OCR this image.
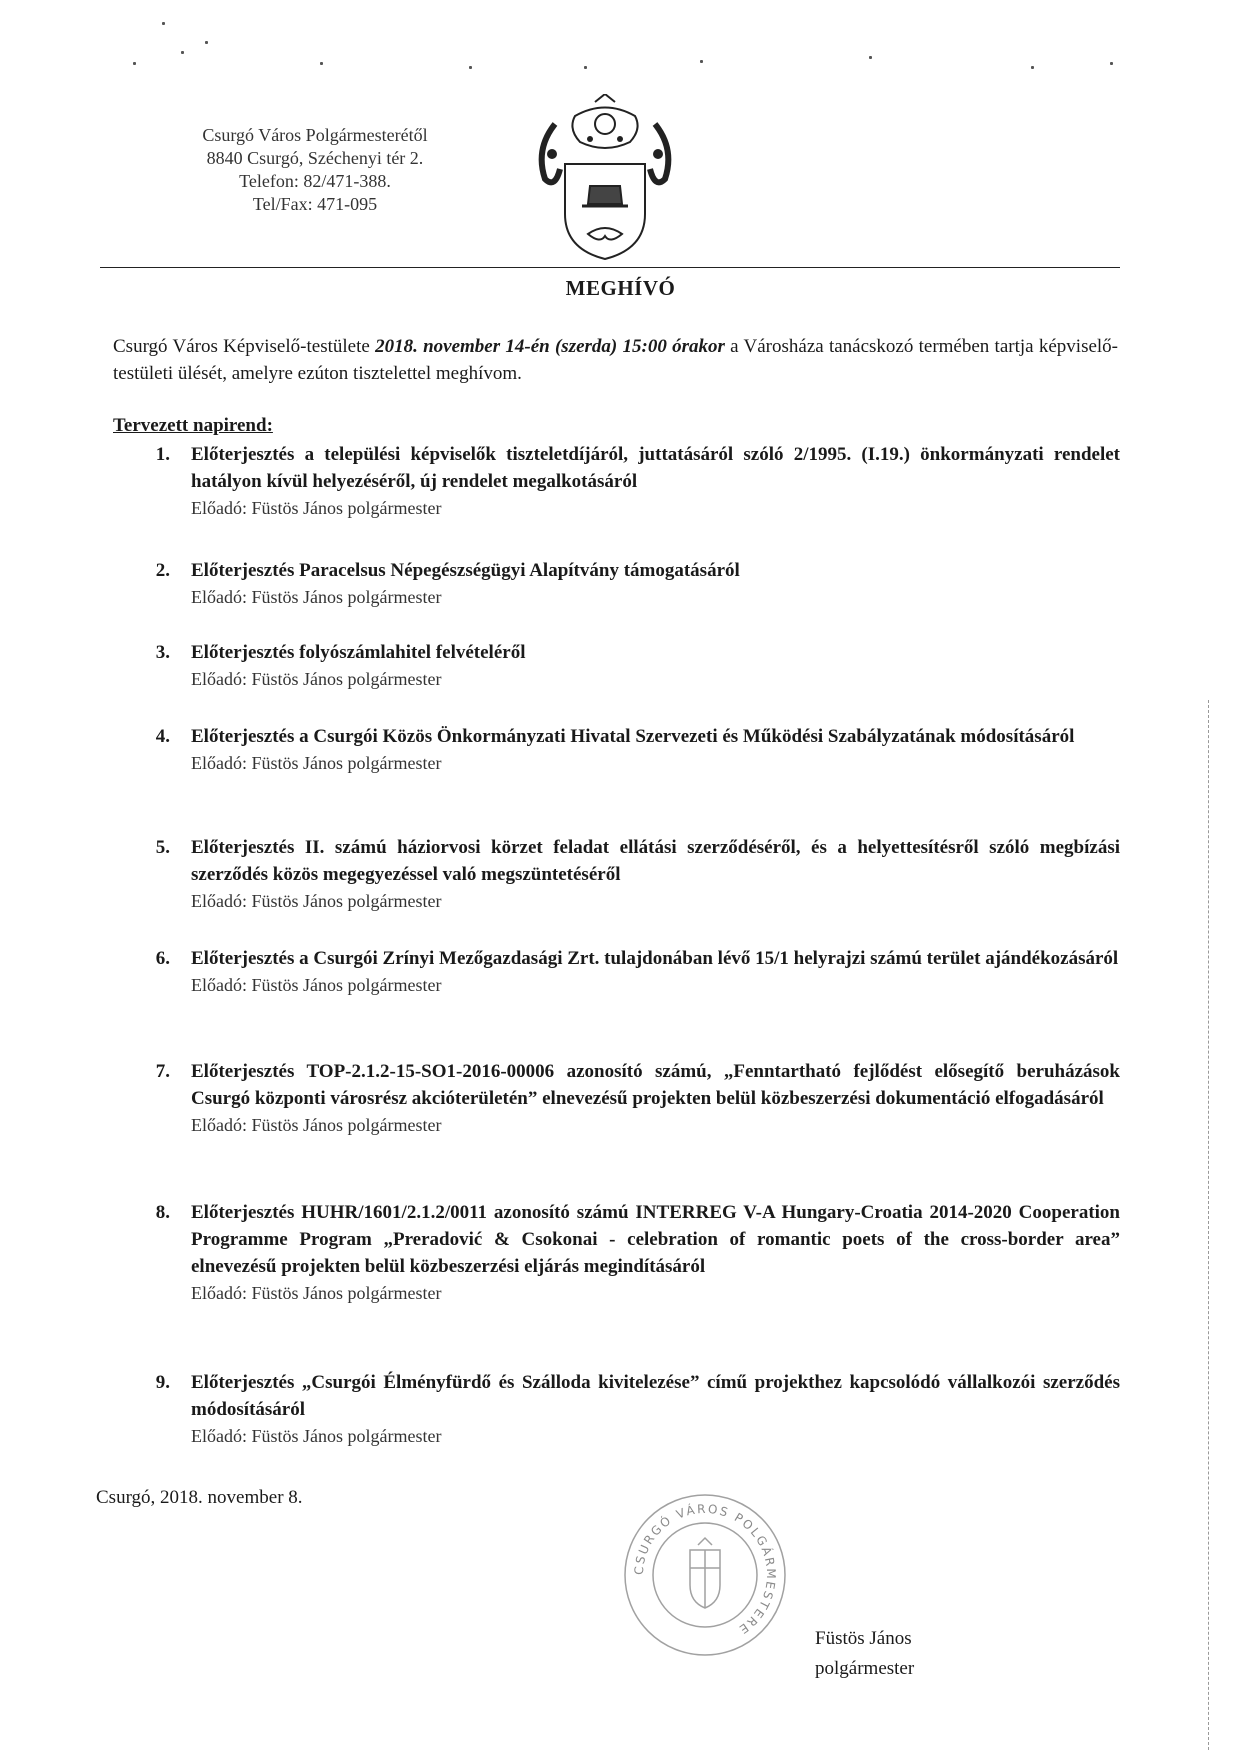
Csurgó Város Polgármesterétől
8840 Csurgó, Széchenyi tér 2.
Telefon: 82/471-388.
Tel/Fax: 471-095
MEGHÍVÓ
Csurgó Város Képviselő-testülete 2018. november 14-én (szerda) 15:00 órakor a Városháza tanácskozó termében tartja képviselő-testületi ülését, amelyre ezúton tisztelettel meghívom.
Tervezett napirend:
1. Előterjesztés a települési képviselők tiszteletdíjáról, juttatásáról szóló 2/1995. (I.19.) önkormányzati rendelet hatályon kívül helyezéséről, új rendelet megalkotásáról
Előadó: Füstös János polgármester
2. Előterjesztés Paracelsus Népegészségügyi Alapítvány támogatásáról
Előadó: Füstös János polgármester
3. Előterjesztés folyószámlahitel felvételéről
Előadó: Füstös János polgármester
4. Előterjesztés a Csurgói Közös Önkormányzati Hivatal Szervezeti és Működési Szabályzatának módosításáról
Előadó: Füstös János polgármester
5. Előterjesztés II. számú háziorvosi körzet feladat ellátási szerződéséről, és a helyettesítésről szóló megbízási szerződés közös megegyezéssel való megszüntetéséről
Előadó: Füstös János polgármester
6. Előterjesztés a Csurgói Zrínyi Mezőgazdasági Zrt. tulajdonában lévő 15/1 helyrajzi számú terület ajándékozásáról
Előadó: Füstös János polgármester
7. Előterjesztés TOP-2.1.2-15-SO1-2016-00006 azonosító számú, „Fenntartható fejlődést elősegítő beruházások Csurgó központi városrész akcióterületén” elnevezésű projekten belül közbeszerzési dokumentáció elfogadásáról
Előadó: Füstös János polgármester
8. Előterjesztés HUHR/1601/2.1.2/0011 azonosító számú INTERREG V-A Hungary-Croatia 2014-2020 Cooperation Programme Program „Preradović & Csokonai - celebration of romantic poets of the cross-border area” elnevezésű projekten belül közbeszerzési eljárás megindításáról
Előadó: Füstös János polgármester
9. Előterjesztés „Csurgói Élményfürdő és Szálloda kivitelezése” című projekthez kapcsolódó vállalkozói szerződés módosításáról
Előadó: Füstös János polgármester
Csurgó, 2018. november 8.
CSURGÓ VÁROS POLGÁRMESTERE	Füstös János
polgármester
